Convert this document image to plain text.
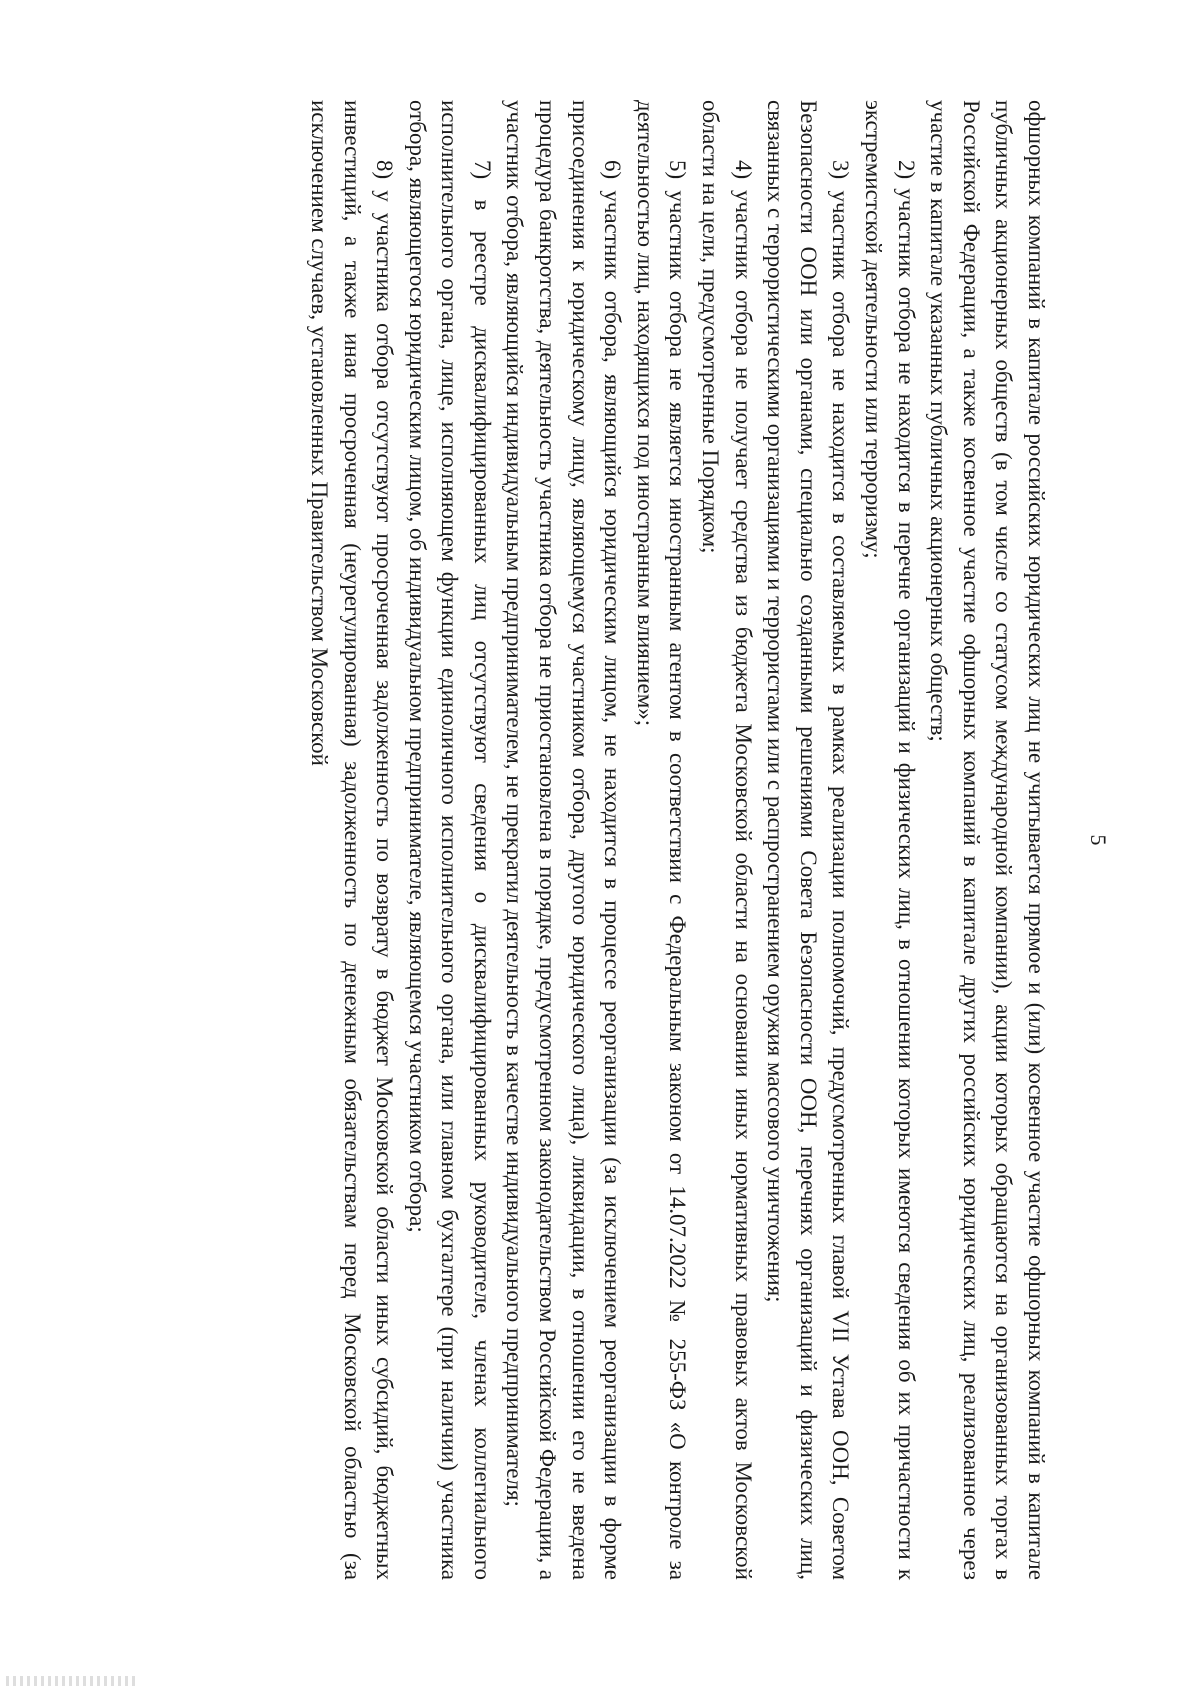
5

офшорных компаний в капитале российских юридических лиц не учитывается прямое и (или) косвенное участие офшорных компаний в капитале публичных акционерных обществ (в том числе со статусом международной компании), акции которых обращаются на организованных торгах в Российской Федерации, а также косвенное участие офшорных компаний в капитале других российских юридических лиц, реализованное через участие в капитале указанных публичных акционерных обществ;

2) участник отбора не находится в перечне организаций и физических лиц, в отношении которых имеются сведения об их причастности к экстремистской деятельности или терроризму;

3) участник отбора не находится в составляемых в рамках реализации полномочий, предусмотренных главой VII Устава ООН, Советом Безопасности ООН или органами, специально созданными решениями Совета Безопасности ООН, перечнях организаций и физических лиц, связанных с террористическими организациями и террористами или с распространением оружия массового уничтожения;

4) участник отбора не получает средства из бюджета Московской области на основании иных нормативных правовых актов Московской области на цели, предусмотренные Порядком;

5) участник отбора не является иностранным агентом в соответствии с Федеральным законом от 14.07.2022 № 255-ФЗ «О контроле за деятельностью лиц, находящихся под иностранным влиянием»;

6) участник отбора, являющийся юридическим лицом, не находится в процессе реорганизации (за исключением реорганизации в форме присоединения к юридическому лицу, являющемуся участником отбора, другого юридического лица), ликвидации, в отношении его не введена процедура банкротства, деятельность участника отбора не приостановлена в порядке, предусмотренном законодательством Российской Федерации, а участник отбора, являющийся индивидуальным предпринимателем, не прекратил деятельность в качестве индивидуального предпринимателя;

7) в реестре дисквалифицированных лиц отсутствуют сведения о дисквалифицированных руководителе, членах коллегиального исполнительного органа, лице, исполняющем функции единоличного исполнительного органа, или главном бухгалтере (при наличии) участника отбора, являющегося юридическим лицом, об индивидуальном предпринимателе, являющемся участником отбора;

8) у участника отбора отсутствуют просроченная задолженность по возврату в бюджет Московской области иных субсидий, бюджетных инвестиций, а также иная просроченная (неурегулированная) задолженность по денежным обязательствам перед Московской областью (за исключением случаев, установленных Правительством Московской
